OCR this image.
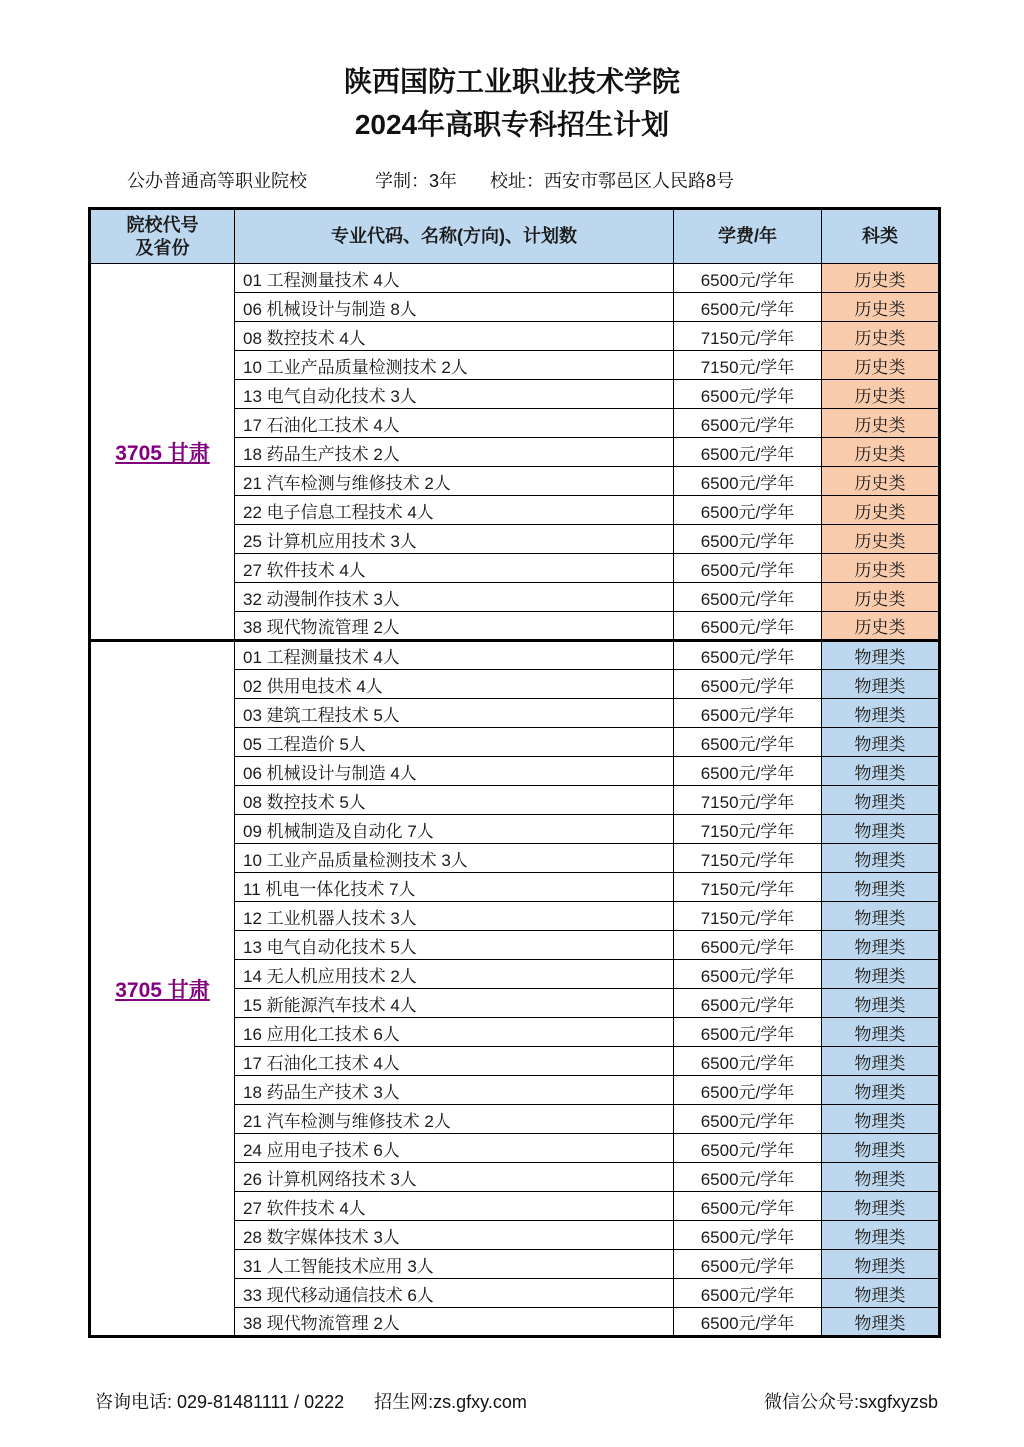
陕西国防工业职业技术学院
2024年高职专科招生计划
公办普通高等职业院校	学制：3年 校址：西安市鄠邑区人民路8号
院校代号
及省份	专业代码、名称(方向)、计划数	学费/年	科类
3705 甘肃	01 工程测量技术 4人	6500元/学年	历史类
	06 机械设计与制造 8人	6500元/学年	历史类
	08 数控技术 4人	7150元/学年	历史类
	10 工业产品质量检测技术 2人	7150元/学年	历史类
	13 电气自动化技术 3人	6500元/学年	历史类
	17 石油化工技术 4人	6500元/学年	历史类
	18 药品生产技术 2人	6500元/学年	历史类
	21 汽车检测与维修技术 2人	6500元/学年	历史类
	22 电子信息工程技术 4人	6500元/学年	历史类
	25 计算机应用技术 3人	6500元/学年	历史类
	27 软件技术 4人	6500元/学年	历史类
	32 动漫制作技术 3人	6500元/学年	历史类
	38 现代物流管理 2人	6500元/学年	历史类
3705 甘肃	01 工程测量技术 4人	6500元/学年	物理类
	02 供用电技术 4人	6500元/学年	物理类
	03 建筑工程技术 5人	6500元/学年	物理类
	05 工程造价 5人	6500元/学年	物理类
	06 机械设计与制造 4人	6500元/学年	物理类
	08 数控技术 5人	7150元/学年	物理类
	09 机械制造及自动化 7人	7150元/学年	物理类
	10 工业产品质量检测技术 3人	7150元/学年	物理类
	11 机电一体化技术 7人	7150元/学年	物理类
	12 工业机器人技术 3人	7150元/学年	物理类
	13 电气自动化技术 5人	6500元/学年	物理类
	14 无人机应用技术 2人	6500元/学年	物理类
	15 新能源汽车技术 4人	6500元/学年	物理类
	16 应用化工技术 6人	6500元/学年	物理类
	17 石油化工技术 4人	6500元/学年	物理类
	18 药品生产技术 3人	6500元/学年	物理类
	21 汽车检测与维修技术 2人	6500元/学年	物理类
	24 应用电子技术 6人	6500元/学年	物理类
	26 计算机网络技术 3人	6500元/学年	物理类
	27 软件技术 4人	6500元/学年	物理类
	28 数字媒体技术 3人	6500元/学年	物理类
	31 人工智能技术应用 3人	6500元/学年	物理类
	33 现代移动通信技术 6人	6500元/学年	物理类
	38 现代物流管理 2人	6500元/学年	物理类
咨询电话: 029-81481111 / 0222 招生网:zs.gfxy.com	微信公众号:sxgfxyzsb
